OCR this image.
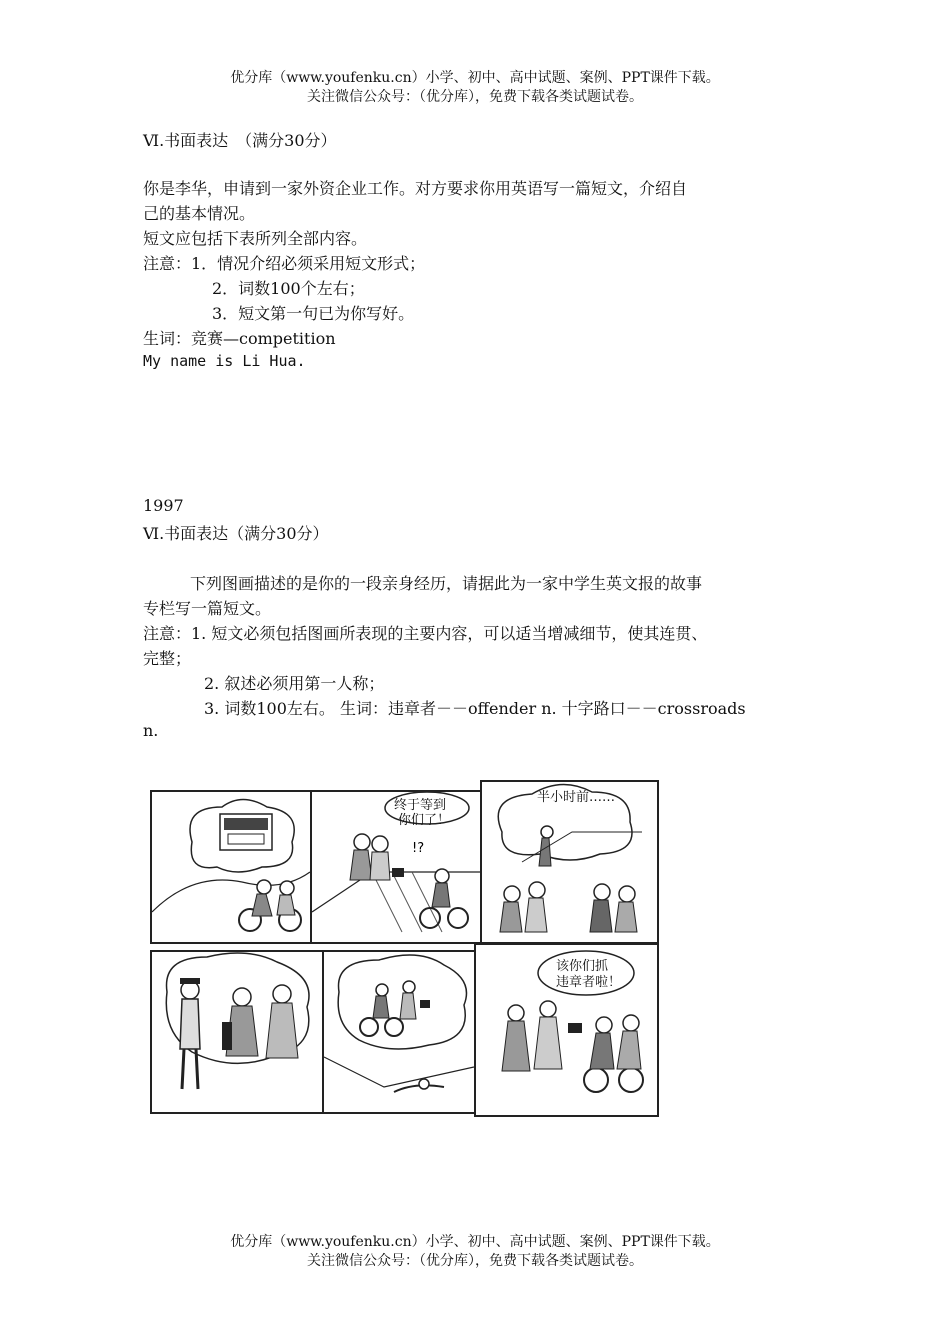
优分库（www.youfenku.cn）小学、初中、高中试题、案例、PPT课件下载。
关注微信公众号：（优分库），免费下载各类试题试卷。
Ⅵ.书面表达　（满分30分）
你是李华，申请到一家外资企业工作。对方要求你用英语写一篇短文，介绍自
己的基本情况。
短文应包括下表所列全部内容。
注意：1．情况介绍必须采用短文形式；
2．词数100个左右；
3．短文第一句已为你写好。
生词：竞赛—competition
My name is Li Hua.
1997
Ⅵ.书面表达（满分30分）
下列图画描述的是你的一段亲身经历，请据此为一家中学生英文报的故事
专栏写一篇短文。
注意：1. 短文必须包括图画所表现的主要内容，可以适当增减细节，使其连贯、
完整；
2. 叙述必须用第一人称；
3. 词数100左右。 生词：违章者－－offender n. 十字路口－－crossroads
n.
!?
终于等到
你们了！
半小时前……
该你们抓
违章者啦！
优分库（www.youfenku.cn）小学、初中、高中试题、案例、PPT课件下载。
关注微信公众号：（优分库），免费下载各类试题试卷。
